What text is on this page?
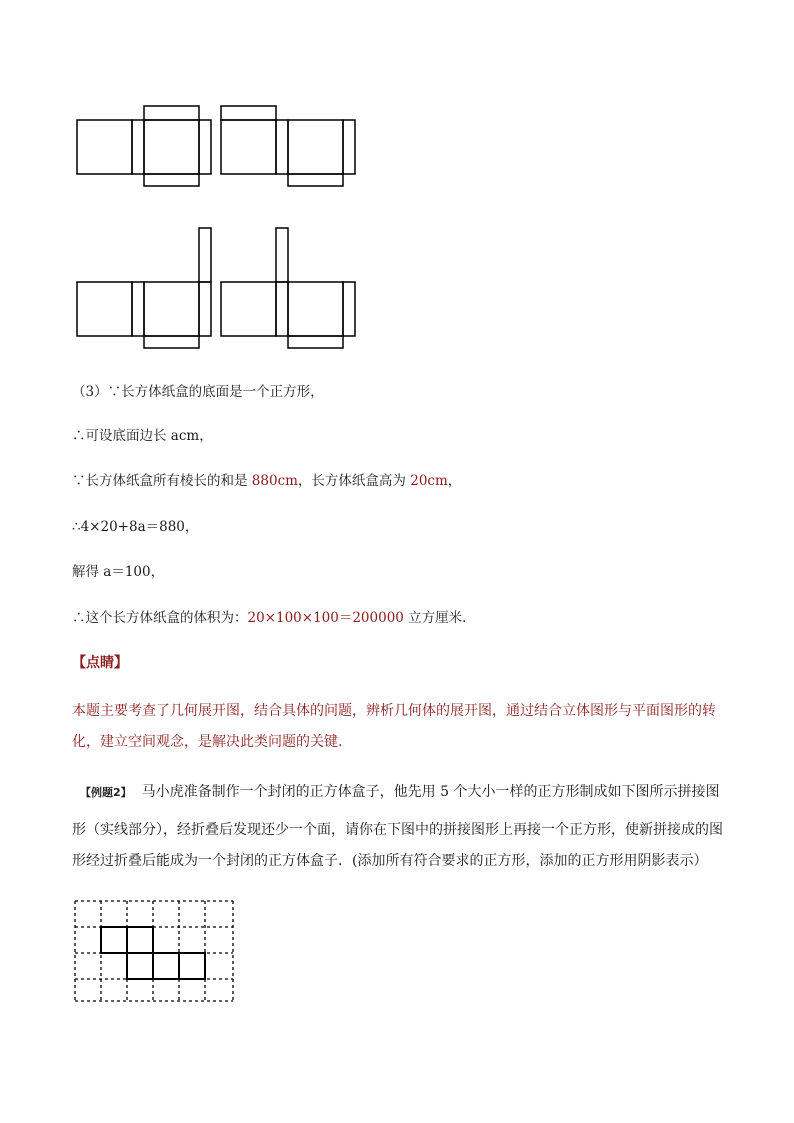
（3）∵长方体纸盒的底面是一个正方形，
∴可设底面边长 acm，
∵长方体纸盒所有棱长的和是 880cm，长方体纸盒高为 20cm，
∴4×20+8a＝880，
解得 a＝100，
∴这个长方体纸盒的体积为：20×100×100＝200000 立方厘米．
【点睛】
本题主要考查了几何展开图，结合具体的问题，辨析几何体的展开图，通过结合立体图形与平面图形的转
化，建立空间观念，是解决此类问题的关键．
【例题2】 马小虎准备制作一个封闭的正方体盒子，他先用 5 个大小一样的正方形制成如下图所示拼接图
形（实线部分），经折叠后发现还少一个面，请你在下图中的拼接图形上再接一个正方形，使新拼接成的图
形经过折叠后能成为一个封闭的正方体盒子．(添加所有符合要求的正方形，添加的正方形用阴影表示）
